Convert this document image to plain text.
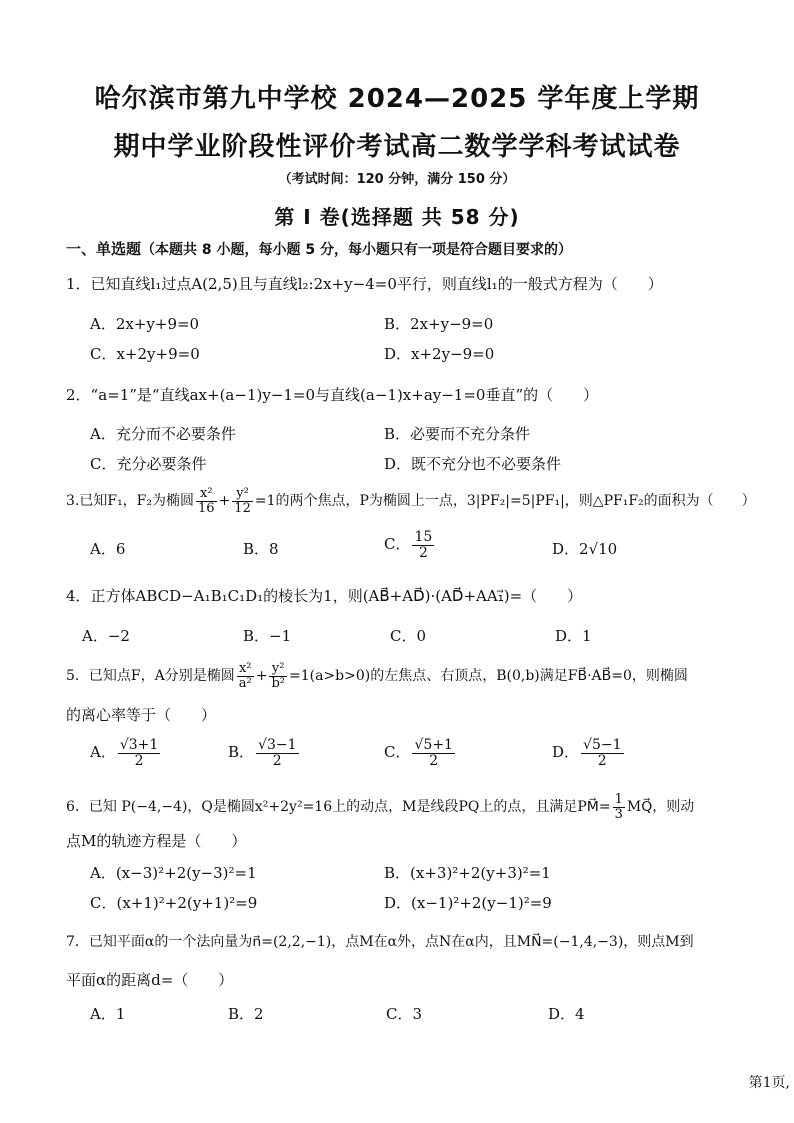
哈尔滨市第九中学校 2024—2025 学年度上学期
期中学业阶段性评价考试高二数学学科考试试卷
（考试时间：120 分钟，满分 150 分）
第 I 卷(选择题 共 58 分)
一、单选题（本题共 8 小题，每小题 5 分，每小题只有一项是符合题目要求的）
1．已知直线l₁过点A(2,5)且与直线l₂:2x+y−4=0平行，则直线l₁的一般式方程为（　　）
A．2x+y+9=0	B．2x+y−9=0
C．x+2y+9=0	D．x+2y−9=0
2．“a=1”是“直线ax+(a−1)y−1=0与直线(a−1)x+ay−1=0垂直”的（　　）
A．充分而不必要条件	B．必要而不充分条件
C．充分必要条件	D．既不充分也不必要条件
3.已知F₁，F₂为椭圆 $\frac{\text{x²}}{16} + \frac{\text{y²}}{12} =1$的两个焦点，P为椭圆上一点，3|PF₂|=5|PF₁|，则△PF₁F₂的面积为（　　）
A．6	B．8	C． $\frac{15}{2}$	D．2√10
4．正方体ABCD−A₁B₁C₁D₁的棱长为1，则(AB⃗+AD⃗)·(AD⃗+AA₁⃗)=（　　）
A．−2	B．−1	C．0	D．1
5．已知点F，A分别是椭圆 $\frac{\text{x²}}{\text{a²}} + \frac{\text{y²}}{\text{b²}} =1(a>b>0)$的左焦点、右顶点，B(0,b)满足FB⃗·AB⃗=0，则椭圆
的离心率等于（　　）
A． $\frac{√3+1}{2}$	B． $\frac{√3-1}{2}$	C． $\frac{√5+1}{2}$	D． $\frac{√5-1}{2}$
6．已知 P(−4,−4)，Q是椭圆x²+2y²=16上的动点，M是线段PQ上的点，且满足PM⃗= $\frac{1}{3}$ MQ⃗，则动
点M的轨迹方程是（　　）
A．(x−3)²+2(y−3)²=1	B．(x+3)²+2(y+3)²=1
C．(x+1)²+2(y+1)²=9	D．(x−1)²+2(y−1)²=9
7．已知平面α的一个法向量为n⃗=(2,2,−1)，点M在α外，点N在α内，且MN⃗=(−1,4,−3)，则点M到
平面α的距离d=（　　）
A．1	B．2	C．3	D．4
第1页,
